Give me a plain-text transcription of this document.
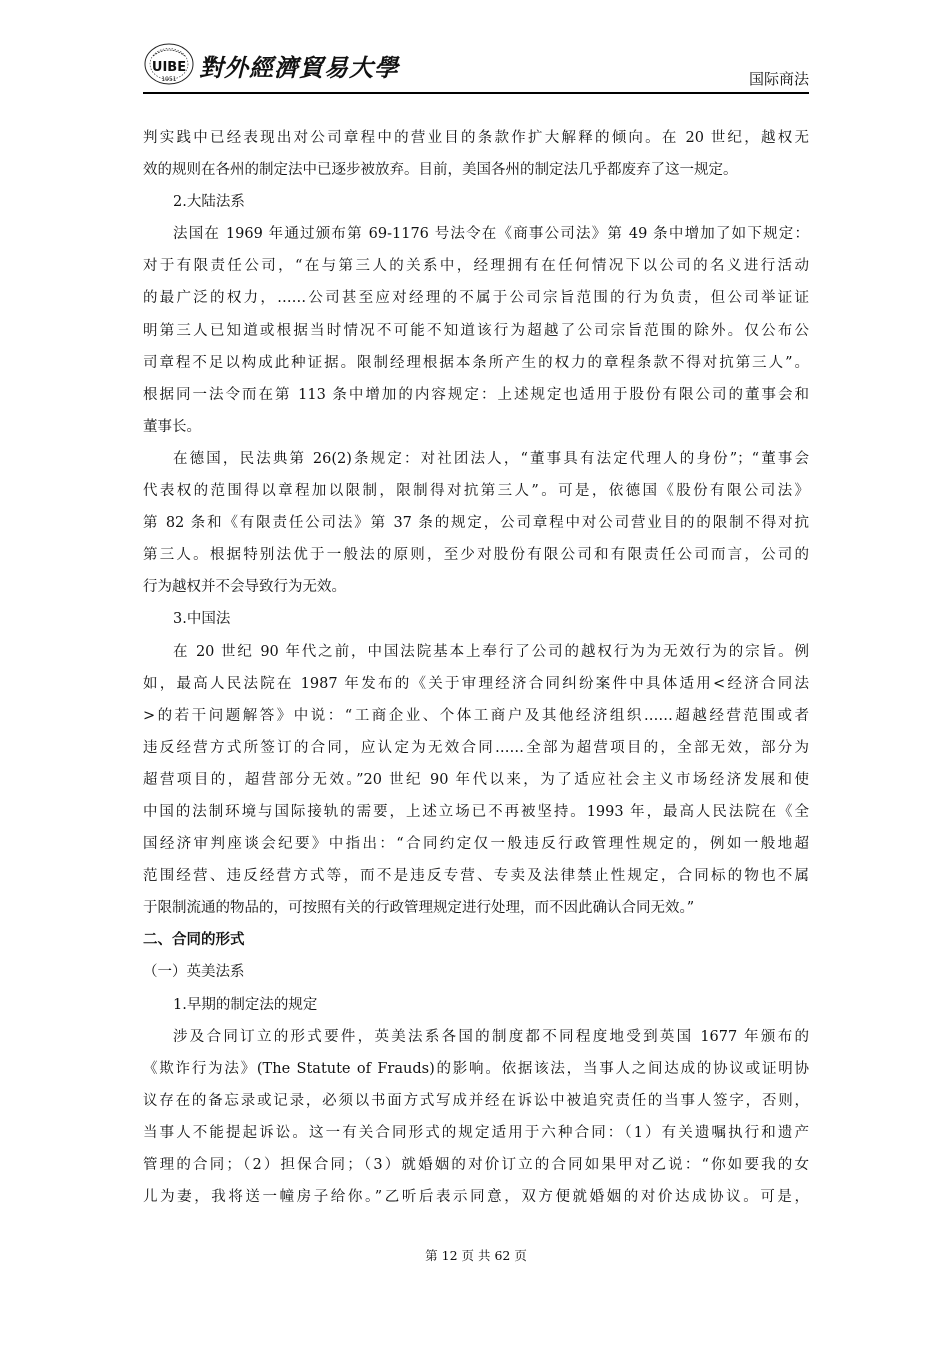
UIBE
1951 對外經濟貿易大學	国际商法
判实践中已经表现出对公司章程中的营业目的条款作扩大解释的倾向。在 20 世纪，越权无
效的规则在各州的制定法中已逐步被放弃。目前，美国各州的制定法几乎都废弃了这一规定。
2.大陆法系
法国在 1969 年通过颁布第 69-1176 号法令在《商事公司法》第 49 条中增加了如下规定：
对于有限责任公司，“在与第三人的关系中，经理拥有在任何情况下以公司的名义进行活动
的最广泛的权力，……公司甚至应对经理的不属于公司宗旨范围的行为负责，但公司举证证
明第三人已知道或根据当时情况不可能不知道该行为超越了公司宗旨范围的除外。仅公布公
司章程不足以构成此种证据。限制经理根据本条所产生的权力的章程条款不得对抗第三人”。
根据同一法令而在第 113 条中增加的内容规定：上述规定也适用于股份有限公司的董事会和
董事长。
在德国，民法典第 26(2)条规定：对社团法人，“董事具有法定代理人的身份”；“董事会
代表权的范围得以章程加以限制，限制得对抗第三人”。可是，依德国《股份有限公司法》
第 82 条和《有限责任公司法》第 37 条的规定，公司章程中对公司营业目的的限制不得对抗
第三人。根据特别法优于一般法的原则，至少对股份有限公司和有限责任公司而言，公司的
行为越权并不会导致行为无效。
3.中国法
在 20 世纪 90 年代之前，中国法院基本上奉行了公司的越权行为为无效行为的宗旨。例
如，最高人民法院在 1987 年发布的《关于审理经济合同纠纷案件中具体适用<经济合同法
>的若干问题解答》中说：“工商企业、个体工商户及其他经济组织……超越经营范围或者
违反经营方式所签订的合同，应认定为无效合同……全部为超营项目的，全部无效，部分为
超营项目的，超营部分无效。”20 世纪 90 年代以来，为了适应社会主义市场经济发展和使
中国的法制环境与国际接轨的需要，上述立场已不再被坚持。1993 年，最高人民法院在《全
国经济审判座谈会纪要》中指出：“合同约定仅一般违反行政管理性规定的，例如一般地超
范围经营、违反经营方式等，而不是违反专营、专卖及法律禁止性规定，合同标的物也不属
于限制流通的物品的，可按照有关的行政管理规定进行处理，而不因此确认合同无效。”
二、合同的形式
（一）英美法系
1.早期的制定法的规定
涉及合同订立的形式要件，英美法系各国的制度都不同程度地受到英国 1677 年颁布的
《欺诈行为法》(The Statute of Frauds)的影响。依据该法，当事人之间达成的协议或证明协
议存在的备忘录或记录，必须以书面方式写成并经在诉讼中被追究责任的当事人签字，否则，
当事人不能提起诉讼。这一有关合同形式的规定适用于六种合同：（1）有关遗嘱执行和遗产
管理的合同；（2）担保合同；（3）就婚姻的对价订立的合同如果甲对乙说：“你如要我的女
儿为妻，我将送一幢房子给你。”乙听后表示同意，双方便就婚姻的对价达成协议。可是，
第 12 页 共 62 页
